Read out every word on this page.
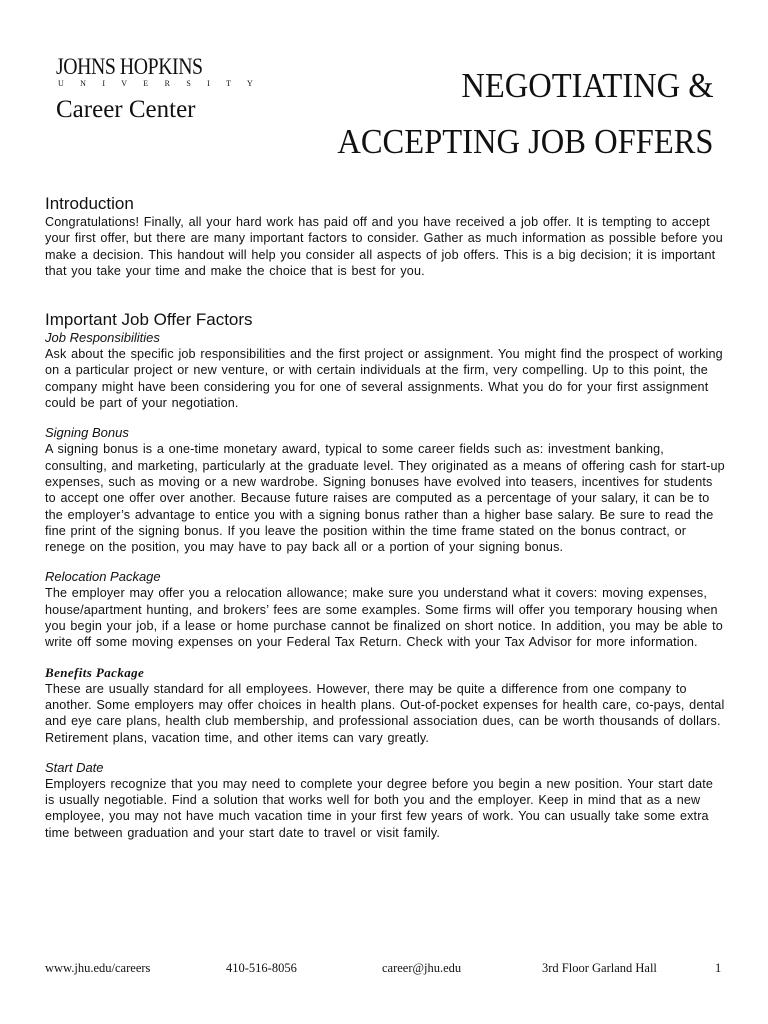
JOHNS HOPKINS
U N I V E R S I T Y
Career Center
NEGOTIATING &
ACCEPTING JOB OFFERS
Introduction

Congratulations! Finally, all your hard work has paid off and you have received a job offer. It is tempting to accept your first offer, but there are many important factors to consider. Gather as much information as possible before you make a decision. This handout will help you consider all aspects of job offers. This is a big decision; it is important that you take your time and make the choice that is best for you.

Important Job Offer Factors

Job Responsibilities

Ask about the specific job responsibilities and the first project or assignment. You might find the prospect of working on a particular project or new venture, or with certain individuals at the firm, very compelling. Up to this point, the company might have been considering you for one of several assignments. What you do for your first assignment could be part of your negotiation.

Signing Bonus

A signing bonus is a one-time monetary award, typical to some career fields such as: investment banking, consulting, and marketing, particularly at the graduate level. They originated as a means of offering cash for start-up expenses, such as moving or a new wardrobe. Signing bonuses have evolved into teasers, incentives for students to accept one offer over another. Because future raises are computed as a percentage of your salary, it can be to the employer’s advantage to entice you with a signing bonus rather than a higher base salary. Be sure to read the fine print of the signing bonus. If you leave the position within the time frame stated on the bonus contract, or renege on the position, you may have to pay back all or a portion of your signing bonus.

Relocation Package

The employer may offer you a relocation allowance; make sure you understand what it covers: moving expenses, house/apartment hunting, and brokers’ fees are some examples. Some firms will offer you temporary housing when you begin your job, if a lease or home purchase cannot be finalized on short notice. In addition, you may be able to write off some moving expenses on your Federal Tax Return. Check with your Tax Advisor for more information.

Benefits Package

These are usually standard for all employees. However, there may be quite a difference from one company to another. Some employers may offer choices in health plans. Out-of-pocket expenses for health care, co-pays, dental and eye care plans, health club membership, and professional association dues, can be worth thousands of dollars. Retirement plans, vacation time, and other items can vary greatly.

Start Date

Employers recognize that you may need to complete your degree before you begin a new position. Your start date is usually negotiable. Find a solution that works well for both you and the employer. Keep in mind that as a new employee, you may not have much vacation time in your first few years of work. You can usually take some extra time between graduation and your start date to travel or visit family.

www.jhu.edu/careers	410-516-8056	career@jhu.edu	3rd Floor Garland Hall	1
